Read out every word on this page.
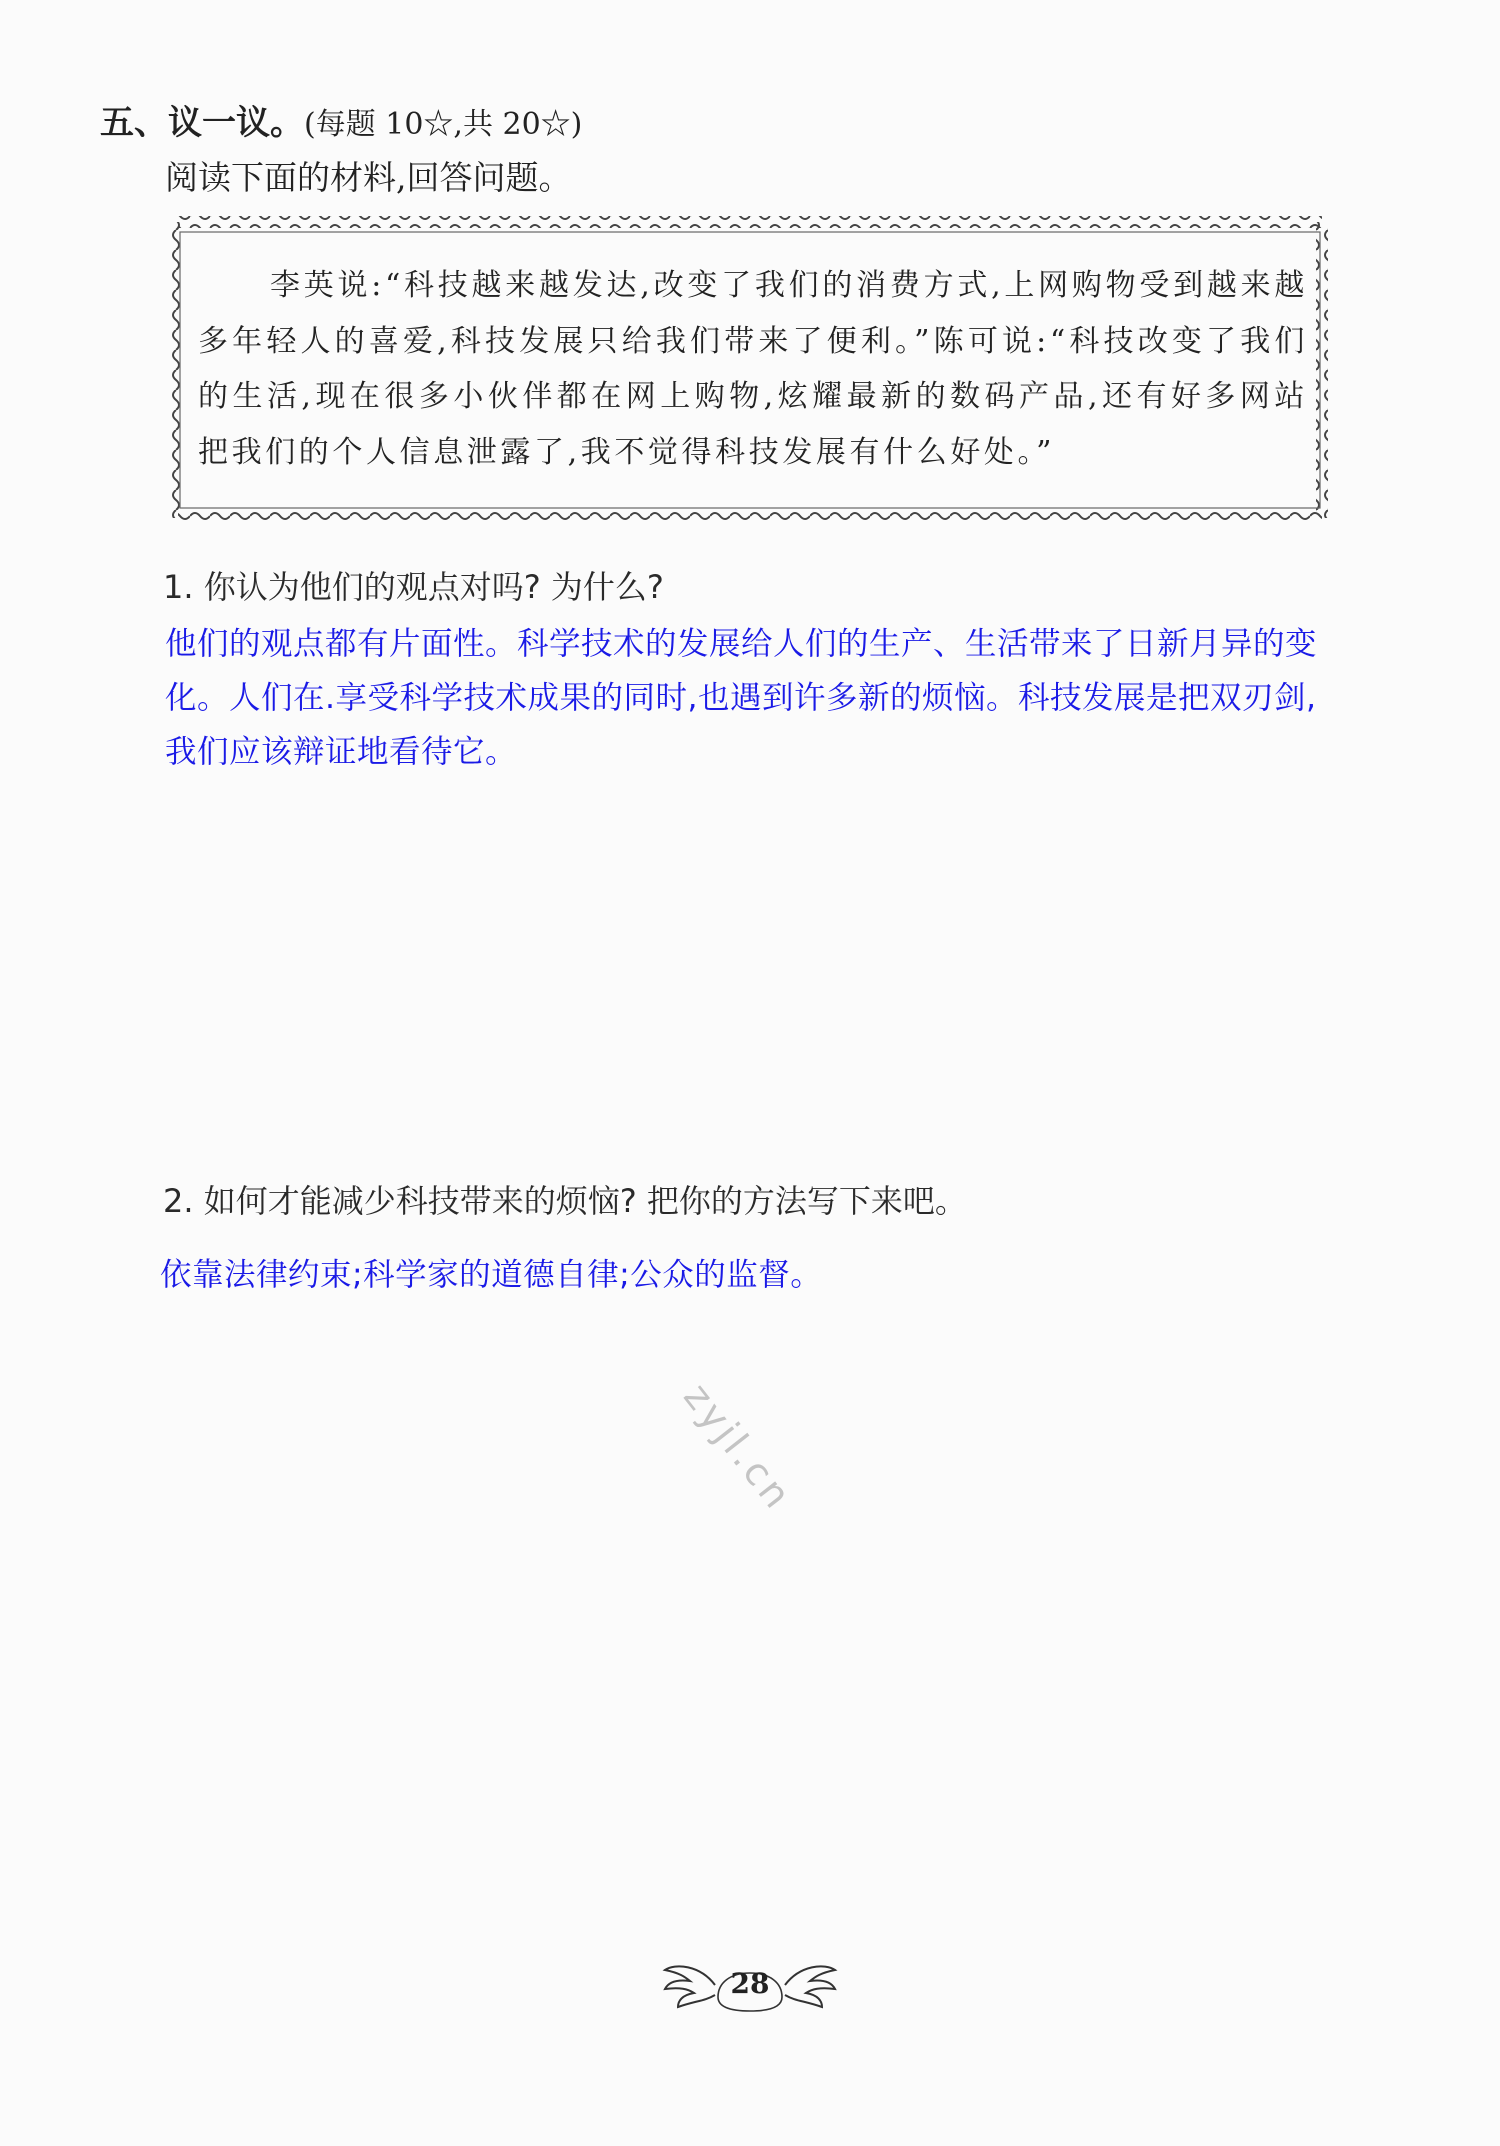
五、议一议。(每题 10☆,共 20☆)
阅读下面的材料,回答问题。
李英说:“科技越来越发达,改变了我们的消费方式,上网购物受到越来越多年轻人的喜爱,科技发展只给我们带来了便利。”陈可说:“科技改变了我们的生活,现在很多小伙伴都在网上购物,炫耀最新的数码产品,还有好多网站把我们的个人信息泄露了,我不觉得科技发展有什么好处。”
1. 你认为他们的观点对吗? 为什么?
他们的观点都有片面性。科学技术的发展给人们的生产、生活带来了日新月异的变化。人们在.享受科学技术成果的同时,也遇到许多新的烦恼。科技发展是把双刃剑,我们应该辩证地看待它。
2. 如何才能减少科技带来的烦恼? 把你的方法写下来吧。
依靠法律约束;科学家的道德自律;公众的监督。
zyjl.cn
28
